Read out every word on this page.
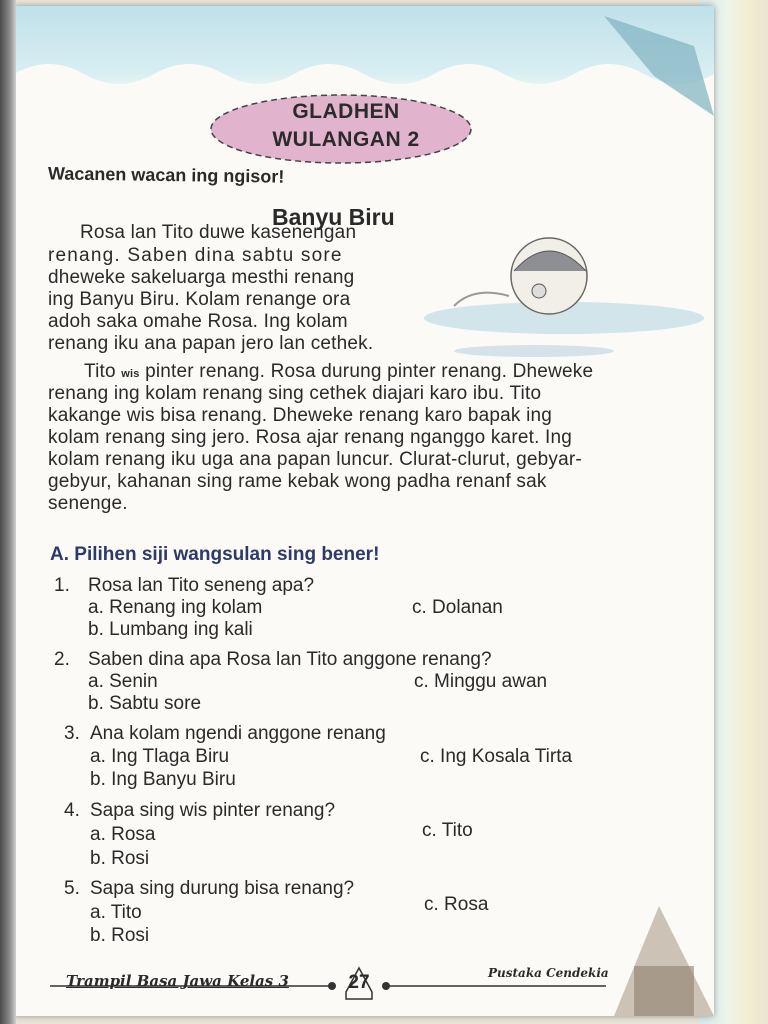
GLADHEN
WULANGAN 2
Wacanen wacan ing ngisor!
Banyu Biru
Rosa lan Tito duwe kasenengan
renang. Saben dina sabtu sore
dheweke sakeluarga mesthi renang
ing Banyu Biru. Kolam renange ora
adoh saka omahe Rosa. Ing kolam
renang iku ana papan jero lan cethek.
Tito wis pinter renang. Rosa durung pinter renang. Dheweke
renang ing kolam renang sing cethek diajari karo ibu. Tito
kakange wis bisa renang. Dheweke renang karo bapak ing
kolam renang sing jero. Rosa ajar renang nganggo karet. Ing
kolam renang iku uga ana papan luncur. Clurat-clurut, gebyar-
gebyur, kahanan sing rame kebak wong padha renanf sak
senenge.
A. Pilihen siji wangsulan sing bener!
1. Rosa lan Tito seneng apa?
a. Renang ing kolam
b. Lumbang ing kali
c. Dolanan
2. Saben dina apa Rosa lan Tito anggone renang?
a. Senin
b. Sabtu sore
c. Minggu awan
3. Ana kolam ngendi anggone renang
a. Ing Tlaga Biru
b. Ing Banyu Biru
c. Ing Kosala Tirta
4. Sapa sing wis pinter renang?
a. Rosa
b. Rosi
c. Tito
5. Sapa sing durung bisa renang?
a. Tito
b. Rosi
c. Rosa
Trampil Basa Jawa Kelas 3	27	Pustaka Cendekia
